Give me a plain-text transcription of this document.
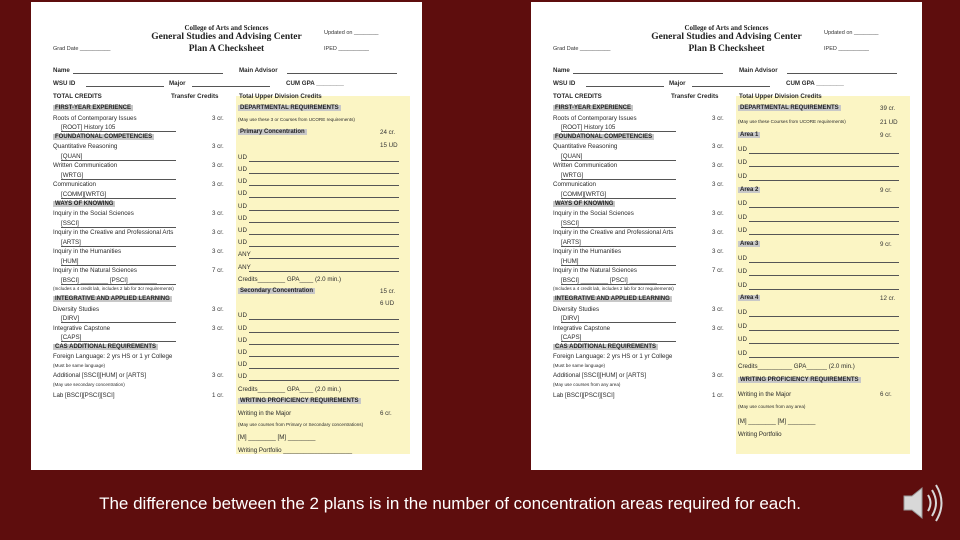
College of Arts and Sciences
General Studies and Advising Center
Plan A Checksheet
Updated on ________
Grad Date __________	IPED __________
Name	Main Advisor
WSU ID	Major	CUM GPA ________
TOTAL CREDITS	Transfer Credits	Total Upper Division Credits
FIRST-YEAR EXPERIENCE
Roots of Contemporary Issues	3 cr.
[ROOT] History 105
FOUNDATIONAL COMPETENCIES
Quantitative Reasoning	3 cr.
[QUAN]
Written Communication	3 cr.
[WRTG]
Communication	3 cr.
[COMM][WRTG]
WAYS OF KNOWING
Inquiry in the Social Sciences	3 cr.
[SSCI]
Inquiry in the Creative and Professional Arts	3 cr.
[ARTS]
Inquiry in the Humanities	3 cr.
[HUM]
Inquiry in the Natural Sciences	7 cr.
[BSCI] ________ [PSCI] ________
(Includes a 4 credit lab, includes 2 lab for 3cr requirements)
INTEGRATIVE AND APPLIED LEARNING
Diversity Studies	3 cr.
[DIRV]
Integrative Capstone	3 cr.
[CAPS]
CAS ADDITIONAL REQUIREMENTS
Foreign Language: 2 yrs HS or 1 yr College
(Must be same language)
Additional [SSCI][HUM] or [ARTS]	3 cr.
(May use secondary concentration)
Lab [BSCI][PSCI][SCI]	1 cr.
DEPARTMENTAL REQUIREMENTS
(May use these 3 or Courses from UCORE requirements)
Primary Concentration	24 cr.
15 UD
UD
UD
UD
UD
UD
UD
UD
UD
ANY
ANY
Credits________ GPA____ (2.0 min.)
Secondary Concentration	15 cr.
6 UD
UD
UD
UD
UD
UD
UD
Credits________ GPA____ (2.0 min.)
WRITING PROFICIENCY REQUIREMENTS
Writing in the Major	6 cr.
(May use courses from Primary or Secondary concentrations)
[M] ________ [M] ________
Writing Portfolio ____________________
College of Arts and Sciences
General Studies and Advising Center
Plan B Checksheet
Updated on ________
Grad Date __________	IPED __________
Name	Main Advisor
WSU ID	Major	CUM GPA ________
TOTAL CREDITS	Transfer Credits	Total Upper Division Credits
FIRST-YEAR EXPERIENCE
Roots of Contemporary Issues	3 cr.
[ROOT] History 105
FOUNDATIONAL COMPETENCIES
Quantitative Reasoning	3 cr.
[QUAN]
Written Communication	3 cr.
[WRTG]
Communication	3 cr.
[COMM][WRTG]
WAYS OF KNOWING
Inquiry in the Social Sciences	3 cr.
[SSCI]
Inquiry in the Creative and Professional Arts	3 cr.
[ARTS]
Inquiry in the Humanities	3 cr.
[HUM]
Inquiry in the Natural Sciences	7 cr.
[BSCI] ________ [PSCI] ________
(Includes a 4 credit lab, includes 2 lab for 3cr requirements)
INTEGRATIVE AND APPLIED LEARNING
Diversity Studies	3 cr.
[DIRV]
Integrative Capstone	3 cr.
[CAPS]
CAS ADDITIONAL REQUIREMENTS
Foreign Language: 2 yrs HS or 1 yr College
(Must be same language)
Additional [SSCI][HUM] or [ARTS]	3 cr.
(May use courses from any area)
Lab [BSCI][PSCI][SCI]	1 cr.
DEPARTMENTAL REQUIREMENTS	39 cr.
(May use these Courses from UCORE requirements)	21 UD
Area 1	9 cr.
UD
UD
UD
Area 2	9 cr.
UD
UD
UD
Area 3	9 cr.
UD
UD
UD
Area 4	12 cr.
UD
UD
UD
UD
Credits__________ GPA______ (2.0 min.)
WRITING PROFICIENCY REQUIREMENTS
Writing in the Major	6 cr.
(May use courses from any area)
[M] ________ [M] ________
Writing Portfolio
The difference between the 2 plans is in the number of concentration areas required for each.
